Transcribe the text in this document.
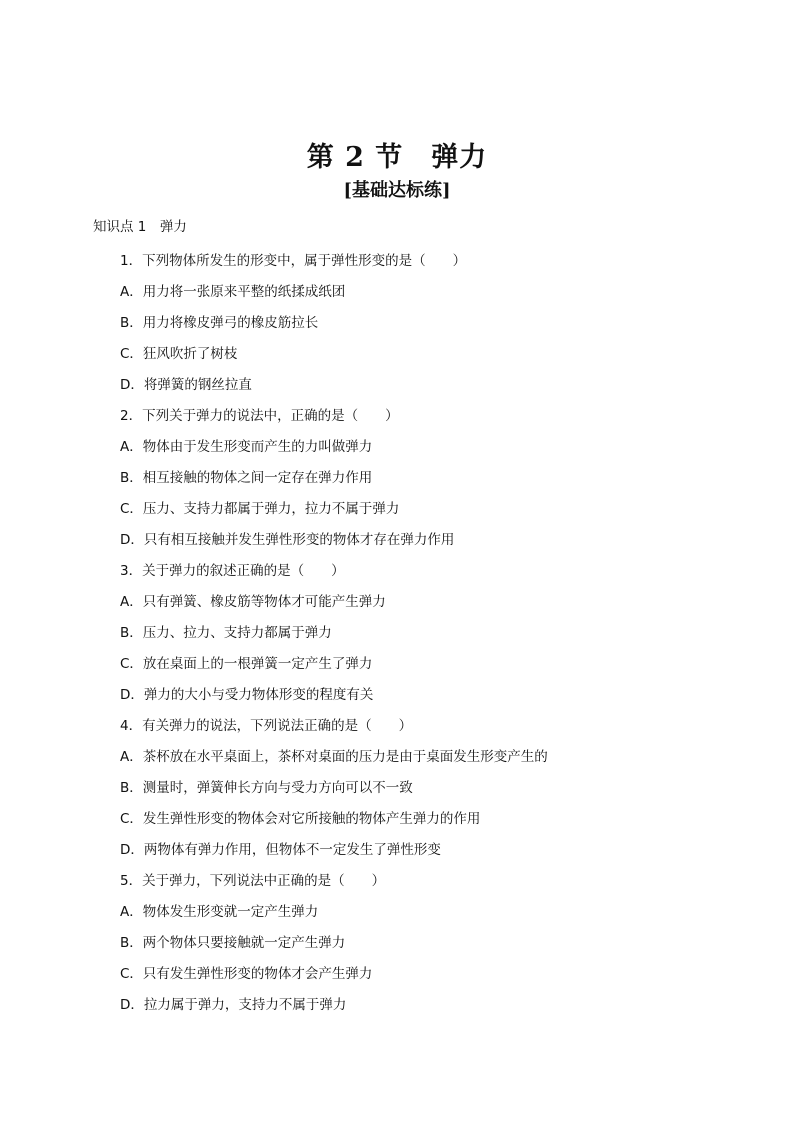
第 2 节　弹力
[基础达标练]
知识点 1　弹力
1．下列物体所发生的形变中，属于弹性形变的是（　　）
A．用力将一张原来平整的纸揉成纸团
B．用力将橡皮弹弓的橡皮筋拉长
C．狂风吹折了树枝
D．将弹簧的钢丝拉直
2．下列关于弹力的说法中，正确的是（　　）
A．物体由于发生形变而产生的力叫做弹力
B．相互接触的物体之间一定存在弹力作用
C．压力、支持力都属于弹力，拉力不属于弹力
D．只有相互接触并发生弹性形变的物体才存在弹力作用
3．关于弹力的叙述正确的是（　　）
A．只有弹簧、橡皮筋等物体才可能产生弹力
B．压力、拉力、支持力都属于弹力
C．放在桌面上的一根弹簧一定产生了弹力
D．弹力的大小与受力物体形变的程度有关
4．有关弹力的说法，下列说法正确的是（　　）
A．茶杯放在水平桌面上，茶杯对桌面的压力是由于桌面发生形变产生的
B．测量时，弹簧伸长方向与受力方向可以不一致
C．发生弹性形变的物体会对它所接触的物体产生弹力的作用
D．两物体有弹力作用，但物体不一定发生了弹性形变
5．关于弹力，下列说法中正确的是（　　）
A．物体发生形变就一定产生弹力
B．两个物体只要接触就一定产生弹力
C．只有发生弹性形变的物体才会产生弹力
D．拉力属于弹力，支持力不属于弹力
